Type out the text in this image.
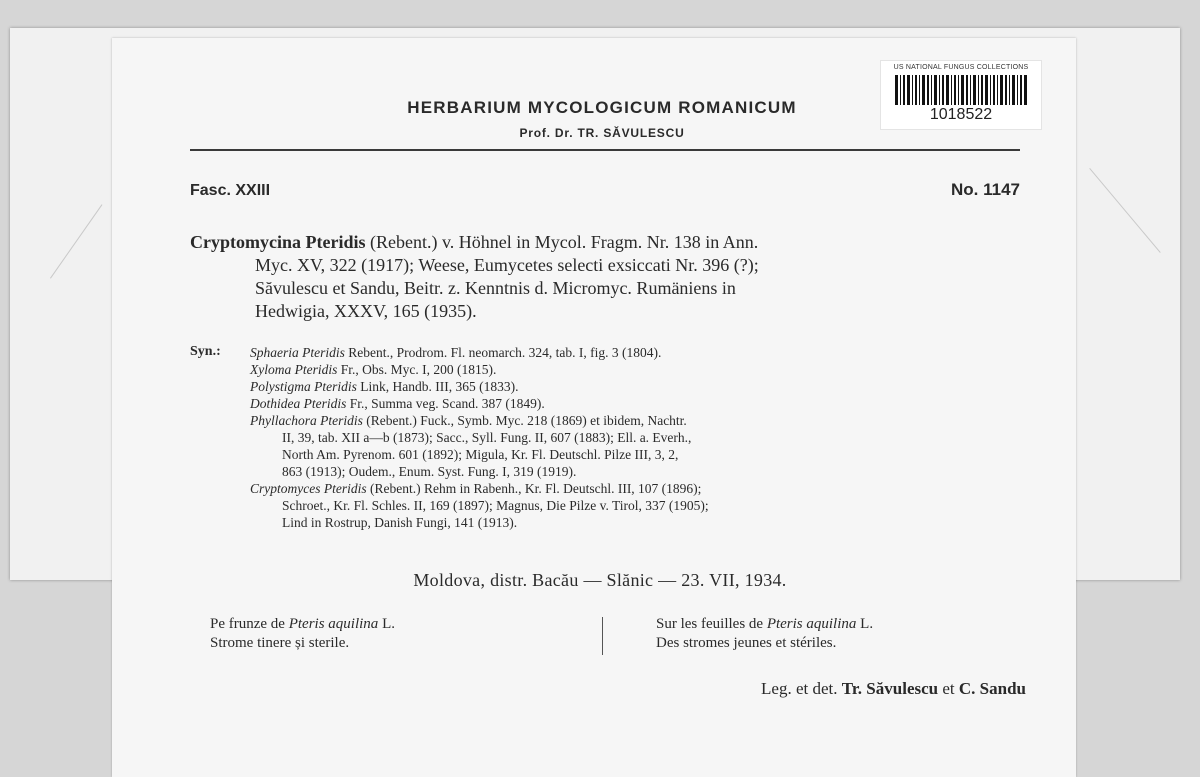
US NATIONAL FUNGUS COLLECTIONS
1018522
HERBARIUM MYCOLOGICUM ROMANICUM
Prof. Dr. TR. SĂVULESCU
Fasc. XXIII	No. 1147
Cryptomycina Pteridis (Rebent.) v. Höhnel in Mycol. Fragm. Nr. 138 in Ann.
Myc. XV, 322 (1917); Weese, Eumycetes selecti exsiccati Nr. 396 (?);
Săvulescu et Sandu, Beitr. z. Kenntnis d. Micromyc. Rumäniens in
Hedwigia, XXXV, 165 (1935).
Syn.: Sphaeria Pteridis Rebent., Prodrom. Fl. neomarch. 324, tab. I, fig. 3 (1804).
Xyloma Pteridis Fr., Obs. Myc. I, 200 (1815).
Polystigma Pteridis Link, Handb. III, 365 (1833).
Dothidea Pteridis Fr., Summa veg. Scand. 387 (1849).
Phyllachora Pteridis (Rebent.) Fuck., Symb. Myc. 218 (1869) et ibidem, Nachtr.
II, 39, tab. XII a—b (1873); Sacc., Syll. Fung. II, 607 (1883); Ell. a. Everh.,
North Am. Pyrenom. 601 (1892); Migula, Kr. Fl. Deutschl. Pilze III, 3, 2,
863 (1913); Oudem., Enum. Syst. Fung. I, 319 (1919).
Cryptomyces Pteridis (Rebent.) Rehm in Rabenh., Kr. Fl. Deutschl. III, 107 (1896);
Schroet., Kr. Fl. Schles. II, 169 (1897); Magnus, Die Pilze v. Tirol, 337 (1905);
Lind in Rostrup, Danish Fungi, 141 (1913).
Moldova, distr. Bacău — Slănic — 23. VII, 1934.
Pe frunze de Pteris aquilina L.
Strome tinere și sterile.
Sur les feuilles de Pteris aquilina L.
Des stromes jeunes et stériles.
Leg. et det. Tr. Săvulescu et C. Sandu
